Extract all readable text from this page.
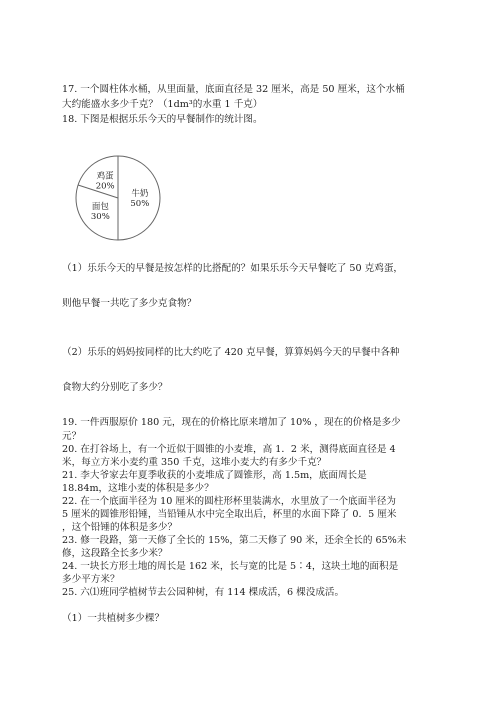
17. 一个圆柱体水桶，从里面量，底面直径是 32 厘米，高是 50 厘米，这个水桶
大约能盛水多少千克？（1dm³的水重 1 千克）
18. 下图是根据乐乐今天的早餐制作的统计图。
牛奶
50%
面包
30%
鸡蛋
20%
（1）乐乐今天的早餐是按怎样的比搭配的？如果乐乐今天早餐吃了 50 克鸡蛋，
则他早餐一共吃了多少克食物？
（2）乐乐的妈妈按同样的比大约吃了 420 克早餐，算算妈妈今天的早餐中各种
食物大约分别吃了多少？
19. 一件西服原价 180 元，现在的价格比原来增加了 10% ，现在的价格是多少
元？
20. 在打谷场上，有一个近似于圆锥的小麦堆，高 1．2 米，测得底面直径是 4
米，每立方米小麦约重 350 千克，这堆小麦大约有多少千克？
21. 李大爷家去年夏季收获的小麦堆成了圆锥形，高 1.5m，底面周长是
18.84m，这堆小麦的体积是多少？
22. 在一个底面半径为 10 厘米的圆柱形杯里装满水，水里放了一个底面半径为
5 厘米的圆锥形铅锤，当铅锤从水中完全取出后，杯里的水面下降了 0．5 厘米
，这个铅锤的体积是多少？
23. 修一段路，第一天修了全长的 15%，第二天修了 90 米，还余全长的 65%未
修，这段路全长多少米？
24. 一块长方形土地的周长是 162 米，长与宽的比是 5∶4，这块土地的面积是
多少平方米？
25. 六⑴班同学植树节去公园种树，有 114 棵成活，6 棵没成活。
（1）一共植树多少棵？
